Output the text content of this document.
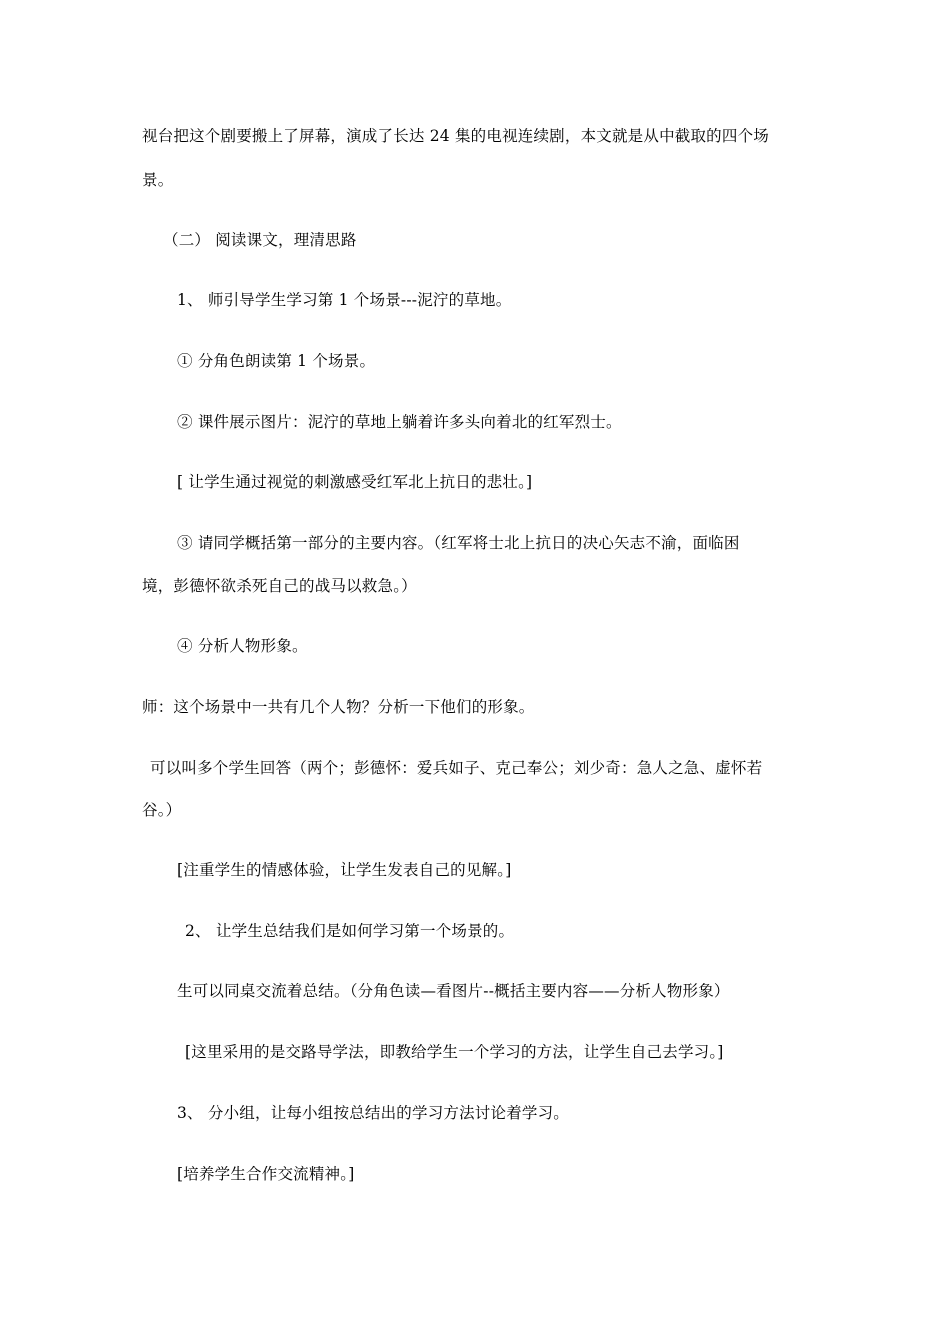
视台把这个剧要搬上了屏幕，演成了长达 24 集的电视连续剧，本文就是从中截取的四个场
景。
（二） 阅读课文，理清思路
1、 师引导学生学习第 1 个场景---泥泞的草地。
① 分角色朗读第 1 个场景。
② 课件展示图片：泥泞的草地上躺着许多头向着北的红军烈士。
[ 让学生通过视觉的刺激感受红军北上抗日的悲壮。]
③ 请同学概括第一部分的主要内容。（红军将士北上抗日的决心矢志不渝，面临困
境，彭德怀欲杀死自己的战马以救急。）
④ 分析人物形象。
师：这个场景中一共有几个人物？分析一下他们的形象。
可以叫多个学生回答（两个；彭德怀：爱兵如子、克己奉公；刘少奇：急人之急、虚怀若
谷。）
[注重学生的情感体验，让学生发表自己的见解。]
2、 让学生总结我们是如何学习第一个场景的。
生可以同桌交流着总结。（分角色读—看图片--概括主要内容——分析人物形象）
[这里采用的是交路导学法，即教给学生一个学习的方法，让学生自己去学习。]
3、 分小组，让每小组按总结出的学习方法讨论着学习。
[培养学生合作交流精神。]
